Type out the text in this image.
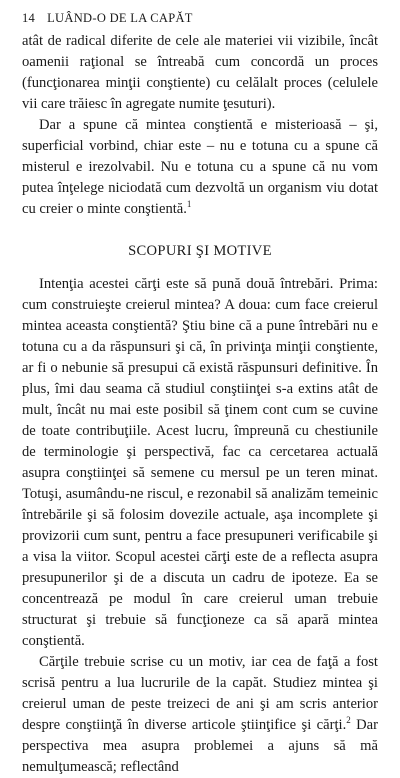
14 LUÂND-O DE LA CAPĂT

atât de radical diferite de cele ale materiei vii vizibile, încât oamenii raţional se întreabă cum concordă un proces (funcţionarea minţii conştiente) cu celălalt proces (celulele vii care trăiesc în agregate numite ţesuturi).

Dar a spune că mintea conştientă e misterioasă – şi, superficial vorbind, chiar este – nu e totuna cu a spune că misterul e irezolvabil. Nu e totuna cu a spune că nu vom putea înţelege niciodată cum dezvoltă un organism viu dotat cu creier o minte conştientă.$^1$

SCOPURI ŞI MOTIVE

Intenţia acestei cărţi este să pună două întrebări. Prima: cum construieşte creierul mintea? A doua: cum face creierul mintea aceasta conştientă? Ştiu bine că a pune întrebări nu e totuna cu a da răspunsuri şi că, în privinţa minţii conştiente, ar fi o nebunie să presupui că există răspunsuri definitive. În plus, îmi dau seama că studiul conştiinţei s-a extins atât de mult, încât nu mai este posibil să ţinem cont cum se cuvine de toate contribuţiile. Acest lucru, împreună cu chestiunile de terminologie şi perspectivă, fac ca cercetarea actuală asupra conştiinţei să semene cu mersul pe un teren minat. Totuşi, asumându-ne riscul, e rezonabil să analizăm temeinic întrebările şi să folosim dovezile actuale, aşa incomplete şi provizorii cum sunt, pentru a face presupuneri verificabile şi a visa la viitor. Scopul acestei cărţi este de a reflecta asupra presupunerilor şi de a discuta un cadru de ipoteze. Ea se concentrează pe modul în care creierul uman trebuie structurat şi trebuie să funcţioneze ca să apară mintea conştientă.

Cărţile trebuie scrise cu un motiv, iar cea de faţă a fost scrisă pentru a lua lucrurile de la capăt. Studiez mintea şi creierul uman de peste treizeci de ani şi am scris anterior despre conştiinţă în diverse articole ştiinţifice şi cărţi.$^2$ Dar perspectiva mea asupra problemei a ajuns să mă nemulţumească; reflectând
